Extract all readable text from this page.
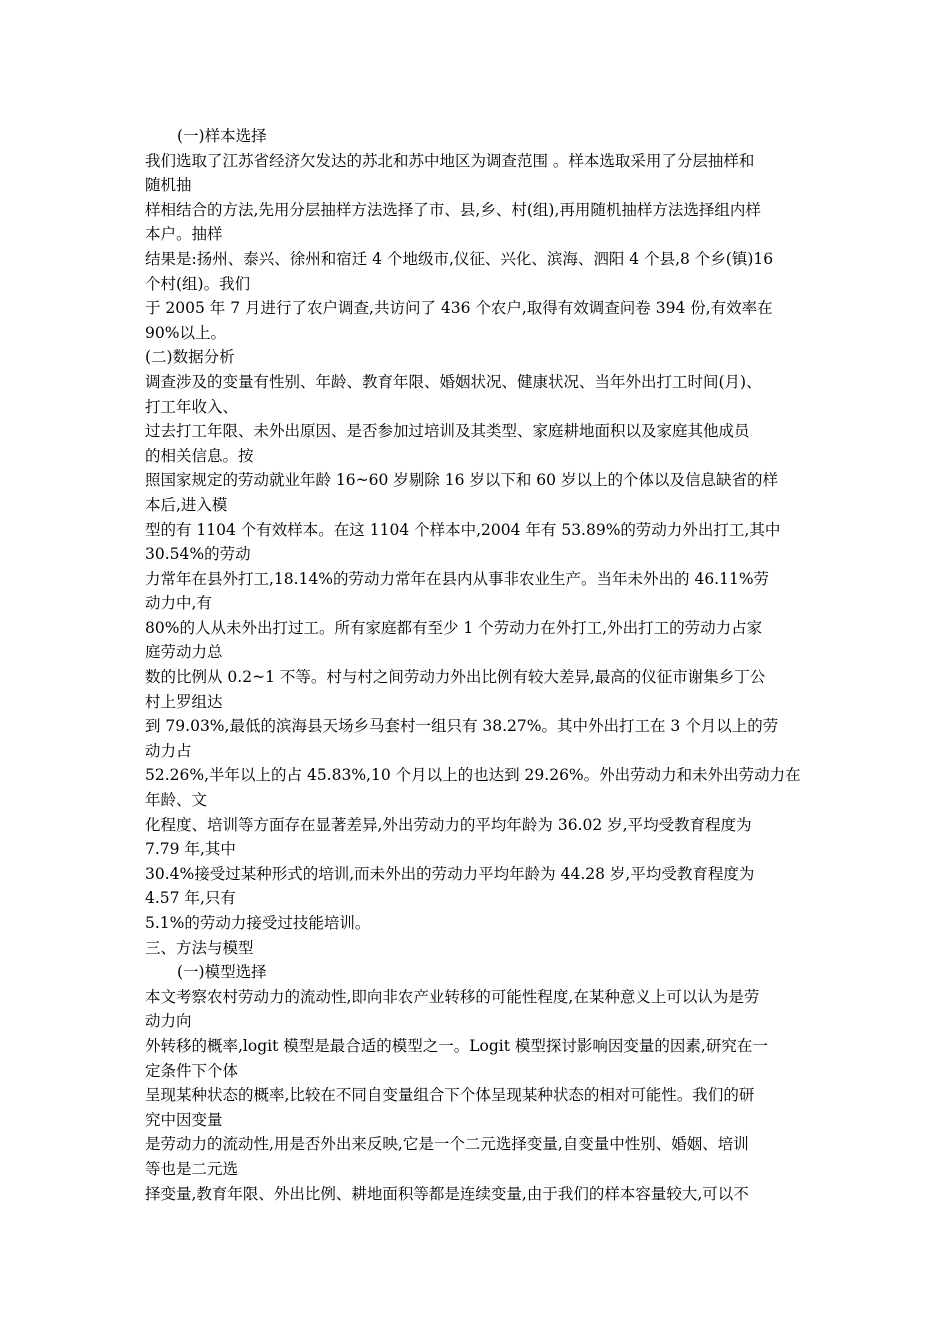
(一)样本选择
我们选取了江苏省经济欠发达的苏北和苏中地区为调查范围 。样本选取采用了分层抽样和
随机抽
样相结合的方法,先用分层抽样方法选择了市、县,乡、村(组),再用随机抽样方法选择组内样
本户。抽样
结果是:扬州、泰兴、徐州和宿迁 4 个地级市,仪征、兴化、滨海、泗阳 4 个县,8 个乡(镇)16
个村(组)。我们
于 2005 年 7 月进行了农户调查,共访问了 436 个农户,取得有效调查问卷 394 份,有效率在
90%以上。
(二)数据分析
调查涉及的变量有性别、年龄、教育年限、婚姻状况、健康状况、当年外出打工时间(月)、
打工年收入、
过去打工年限、未外出原因、是否参加过培训及其类型、家庭耕地面积以及家庭其他成员
的相关信息。按
照国家规定的劳动就业年龄 16~60 岁剔除 16 岁以下和 60 岁以上的个体以及信息缺省的样
本后,进入模
型的有 1104 个有效样本。在这 1104 个样本中,2004 年有 53.89%的劳动力外出打工,其中
30.54%的劳动
力常年在县外打工,18.14%的劳动力常年在县内从事非农业生产。当年未外出的 46.11%劳
动力中,有
80%的人从未外出打过工。所有家庭都有至少 1 个劳动力在外打工,外出打工的劳动力占家
庭劳动力总
数的比例从 0.2~1 不等。村与村之间劳动力外出比例有较大差异,最高的仪征市谢集乡丁公
村上罗组达
到 79.03%,最低的滨海县天场乡马套村一组只有 38.27%。其中外出打工在 3 个月以上的劳
动力占
52.26%,半年以上的占 45.83%,10 个月以上的也达到 29.26%。外出劳动力和未外出劳动力在
年龄、文
化程度、培训等方面存在显著差异,外出劳动力的平均年龄为 36.02 岁,平均受教育程度为
7.79 年,其中
30.4%接受过某种形式的培训,而未外出的劳动力平均年龄为 44.28 岁,平均受教育程度为
4.57 年,只有
5.1%的劳动力接受过技能培训。
三、方法与模型
(一)模型选择
本文考察农村劳动力的流动性,即向非农产业转移的可能性程度,在某种意义上可以认为是劳
动力向
外转移的概率,logit 模型是最合适的模型之一。Logit 模型探讨影响因变量的因素,研究在一
定条件下个体
呈现某种状态的概率,比较在不同自变量组合下个体呈现某种状态的相对可能性。我们的研
究中因变量
是劳动力的流动性,用是否外出来反映,它是一个二元选择变量,自变量中性别、婚姻、培训
等也是二元选
择变量,教育年限、外出比例、耕地面积等都是连续变量,由于我们的样本容量较大,可以不
